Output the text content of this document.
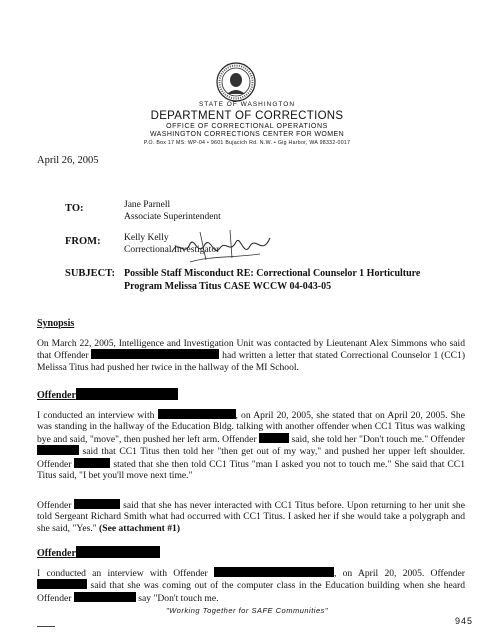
STATE OF WASHINGTON
DEPARTMENT OF CORRECTIONS
OFFICE OF CORRECTIONAL OPERATIONS
WASHINGTON CORRECTIONS CENTER FOR WOMEN
P.O. Box 17 MS: WP-04 • 9601 Bujacich Rd. N.W. • Gig Harbor, WA 98332-0017
April 26, 2005
TO:	Jane Parnell
Associate Superintendent
FROM: Kelly Kelly
Correctional Investigator
SUBJECT: Possible Staff Misconduct RE: Correctional Counselor 1 Horticulture
Program Melissa Titus CASE WCCW 04-043-05
Synopsis
On March 22, 2005, Intelligence and Investigation Unit was contacted by Lieutenant Alex Simmons who said that Offender	had written a letter that stated Correctional Counselor 1 (CC1) Melissa Titus had pushed her twice in the hallway of the MI School.
Offender
I conducted an interview with	, on April 20, 2005, she stated that on April 20, 2005. She was standing in the hallway of the Education Bldg. talking with another offender when CC1 Titus was walking bye and said, "move", then pushed her left arm. Offender	said, she told her "Don't touch me." Offender  said that CC1 Titus then told her "then get out of my way," and pushed her upper left shoulder. Offender	stated that she then told CC1 Titus "man I asked you not to touch me." She said that CC1 Titus said, "I bet you'll move next time."
Offender	said that she has never interacted with CC1 Titus before. Upon returning to her unit she told Sergeant Richard Smith what had occurred with CC1 Titus. I asked her if she would take a polygraph and she said, "Yes." (See attachment #1)
Offender
I conducted an interview with Offender	, on April 20, 2005. Offender  said that she was coming out of the computer class in the Education building when she heard Offender	say "Don't touch me.
"Working Together for SAFE Communities"
945
